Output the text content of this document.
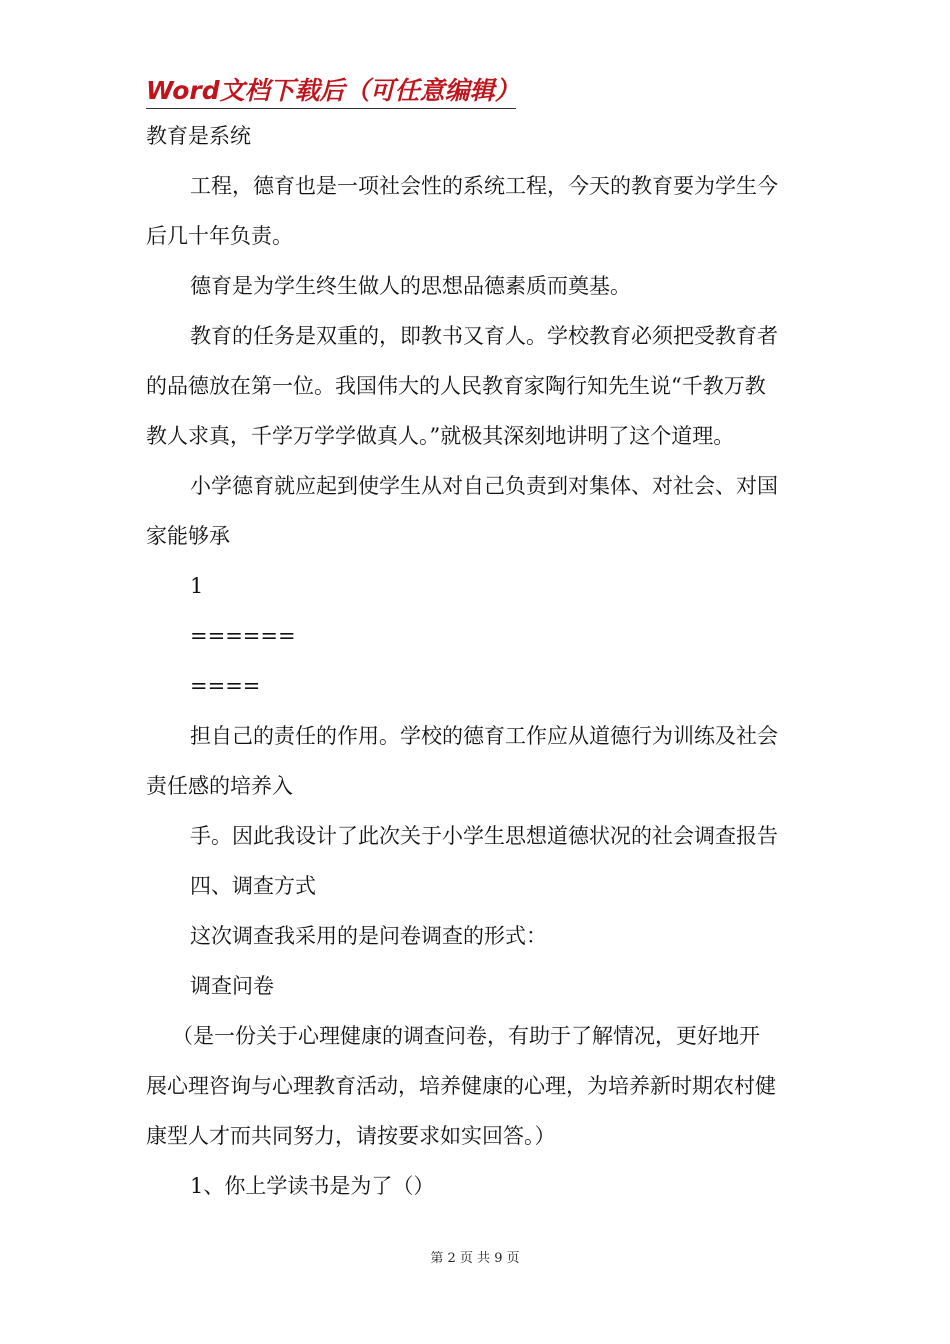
Word文档下载后（可任意编辑）
教育是系统
工程，德育也是一项社会性的系统工程，今天的教育要为学生今
后几十年负责。
德育是为学生终生做人的思想品德素质而奠基。
教育的任务是双重的，即教书又育人。学校教育必须把受教育者
的品德放在第一位。我国伟大的人民教育家陶行知先生说“千教万教
教人求真，千学万学学做真人。”就极其深刻地讲明了这个道理。
小学德育就应起到使学生从对自己负责到对集体、对社会、对国
家能够承
1
======
====
担自己的责任的作用。学校的德育工作应从道德行为训练及社会
责任感的培养入
手。因此我设计了此次关于小学生思想道德状况的社会调查报告
四、调查方式
这次调查我采用的是问卷调查的形式：
调查问卷
（是一份关于心理健康的调查问卷，有助于了解情况，更好地开
展心理咨询与心理教育活动，培养健康的心理，为培养新时期农村健
康型人才而共同努力，请按要求如实回答。）
1、你上学读书是为了（）
第 2 页 共 9 页
